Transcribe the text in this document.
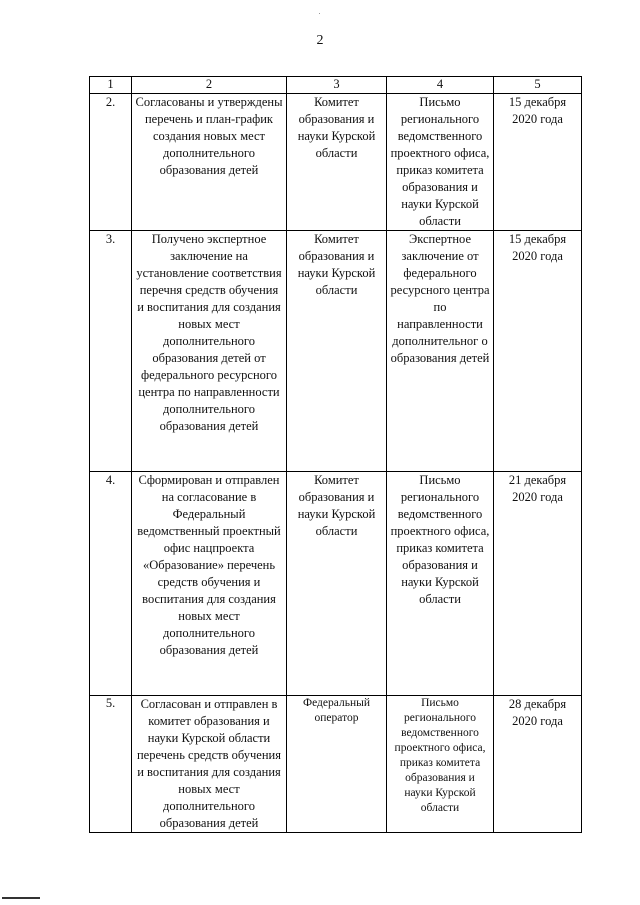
2
1	2	3	4	5
2.	Согласованы и утверждены перечень и план-график создания новых мест дополнительного образования детей	Комитет образования и науки Курской области	Письмо регионального ведомственного проектного офиса, приказ комитета образования и науки Курской области	15 декабря 2020 года
3.	Получено экспертное заключение на установление соответствия перечня средств обучения и воспитания для создания новых мест дополнительного образования детей от федерального ресурсного центра по направленности дополнительного образования детей	Комитет образования и науки Курской области	Экспертное заключение от федерального ресурсного центра по направленности дополнительног о образования детей	15 декабря 2020 года
4.	Сформирован и отправлен на согласование в Федеральный ведомственный проектный офис нацпроекта «Образование» перечень средств обучения и воспитания для создания новых мест дополнительного образования детей	Комитет образования и науки Курской области	Письмо регионального ведомственного проектного офиса, приказ комитета образования и науки Курской области	21 декабря 2020 года
5.	Согласован и отправлен в комитет образования и науки Курской области перечень средств обучения и воспитания для создания новых мест дополнительного образования детей	Федеральный оператор	Письмо регионального ведомственного проектного офиса, приказ комитета образования и науки Курской области	28 декабря 2020 года
